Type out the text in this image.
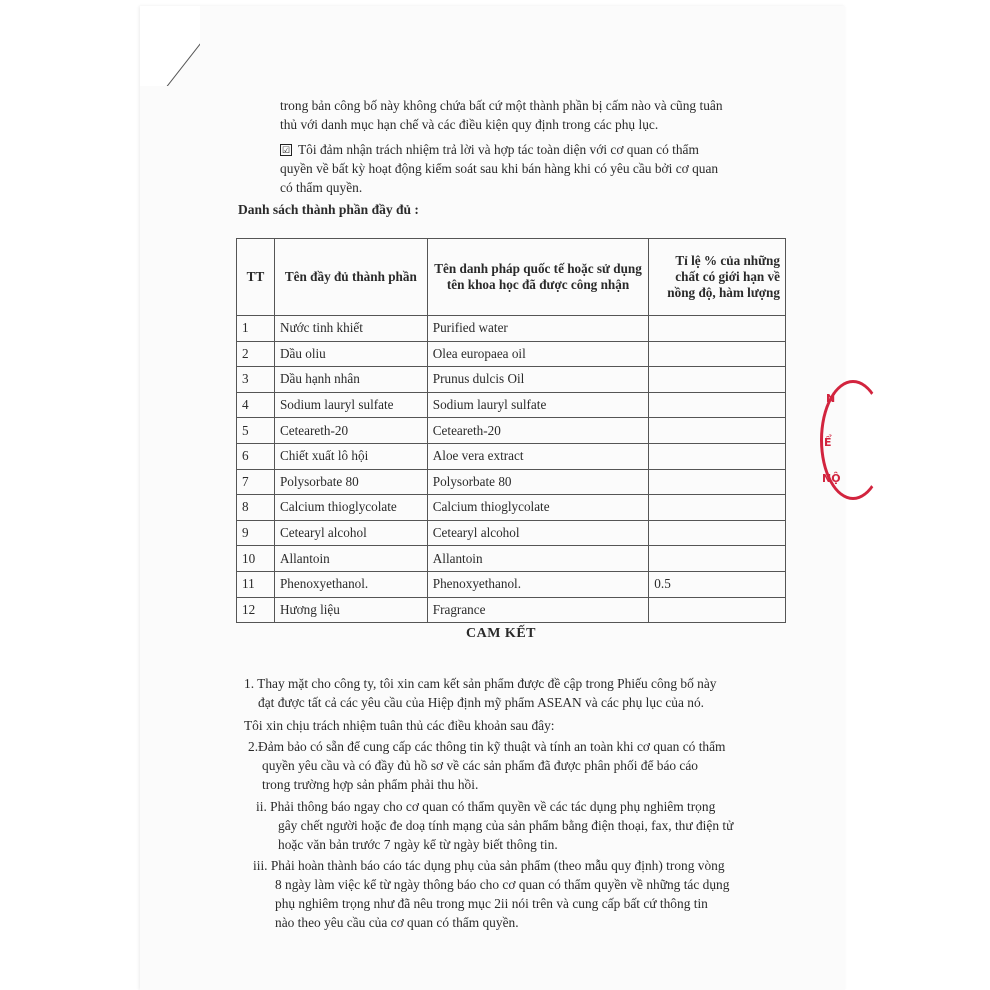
trong bản công bố này không chứa bất cứ một thành phần bị cấm nào và cũng tuân

thủ với danh mục hạn chế và các điều kiện quy định trong các phụ lục.

☑ Tôi đảm nhận trách nhiệm trả lời và hợp tác toàn diện với cơ quan có thẩm
quyền về bất kỳ hoạt động kiểm soát sau khi bán hàng khi có yêu cầu bởi cơ quan
có thẩm quyền.
Danh sách thành phần đầy đủ :
TT	Tên đầy đủ thành phần	Tên danh pháp quốc tế hoặc sử dụng tên khoa học đã được công nhận	Tỉ lệ % của những chất có giới hạn về nồng độ, hàm lượng
1	Nước tinh khiết	Purified water	
2	Dầu oliu	Olea europaea oil	
3	Dầu hạnh nhân	Prunus dulcis Oil	
4	Sodium lauryl sulfate	Sodium lauryl sulfate	
5	Ceteareth-20	Ceteareth-20	
6	Chiết xuất lô hội	Aloe vera extract	
7	Polysorbate 80	Polysorbate 80	
8	Calcium thioglycolate	Calcium thioglycolate	
9	Cetearyl alcohol	Cetearyl alcohol	
10	Allantoin	Allantoin	
11	Phenoxyethanol.	Phenoxyethanol.	0.5
12	Hương liệu	Fragrance	
CAM KẾT

1. Thay mặt cho công ty, tôi xin cam kết sản phẩm được đề cập trong Phiếu công bố này

đạt được tất cả các yêu cầu của Hiệp định mỹ phẩm ASEAN và các phụ lục của nó.

Tôi xin chịu trách nhiệm tuân thủ các điều khoản sau đây:

2.Đảm bảo có sẵn để cung cấp các thông tin kỹ thuật và tính an toàn khi cơ quan có thẩm

quyền yêu cầu và có đầy đủ hồ sơ về các sản phẩm đã được phân phối để báo cáo

trong trường hợp sản phẩm phải thu hồi.

ii. Phải thông báo ngay cho cơ quan có thẩm quyền về các tác dụng phụ nghiêm trọng

gây chết người hoặc đe doạ tính mạng của sản phẩm bằng điện thoại, fax, thư điện tử

hoặc văn bản trước 7 ngày kể từ ngày biết thông tin.

iii. Phải hoàn thành báo cáo tác dụng phụ của sản phẩm (theo mẫu quy định) trong vòng

8 ngày làm việc kể từ ngày thông báo cho cơ quan có thẩm quyền về những tác dụng

phụ nghiêm trọng như đã nêu trong mục 2ii nói trên và cung cấp bất cứ thông tin

nào theo yêu cầu của cơ quan có thẩm quyền.

N
Ể
NỘ
